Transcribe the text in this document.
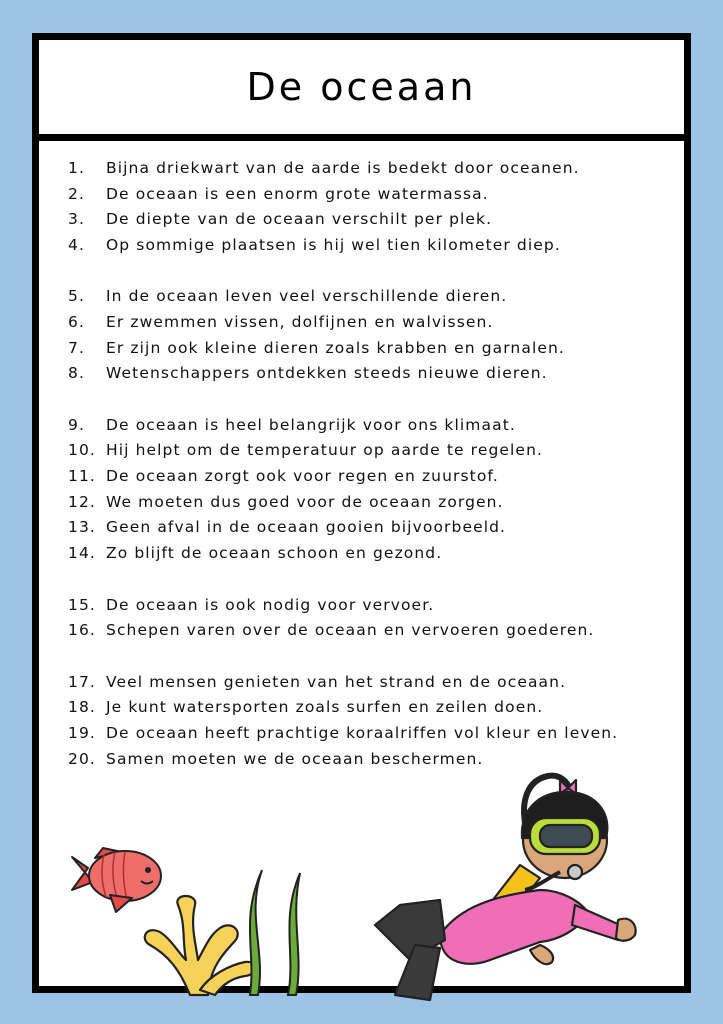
De oceaan
1.	Bijna driekwart van de aarde is bedekt door oceanen.
2.	De oceaan is een enorm grote watermassa.
3.	De diepte van de oceaan verschilt per plek.
4.	Op sommige plaatsen is hij wel tien kilometer diep.
5.	In de oceaan leven veel verschillende dieren.
6.	Er zwemmen vissen, dolfijnen en walvissen.
7.	Er zijn ook kleine dieren zoals krabben en garnalen.
8.	Wetenschappers ontdekken steeds nieuwe dieren.
9.	De oceaan is heel belangrijk voor ons klimaat.
10. Hij helpt om de temperatuur op aarde te regelen.
11. De oceaan zorgt ook voor regen en zuurstof.
12. We moeten dus goed voor de oceaan zorgen.
13. Geen afval in de oceaan gooien bijvoorbeeld.
14. Zo blijft de oceaan schoon en gezond.
15. De oceaan is ook nodig voor vervoer.
16. Schepen varen over de oceaan en vervoeren goederen.
17. Veel mensen genieten van het strand en de oceaan.
18. Je kunt watersporten zoals surfen en zeilen doen.
19. De oceaan heeft prachtige koraalriffen vol kleur en leven.
20. Samen moeten we de oceaan beschermen.
